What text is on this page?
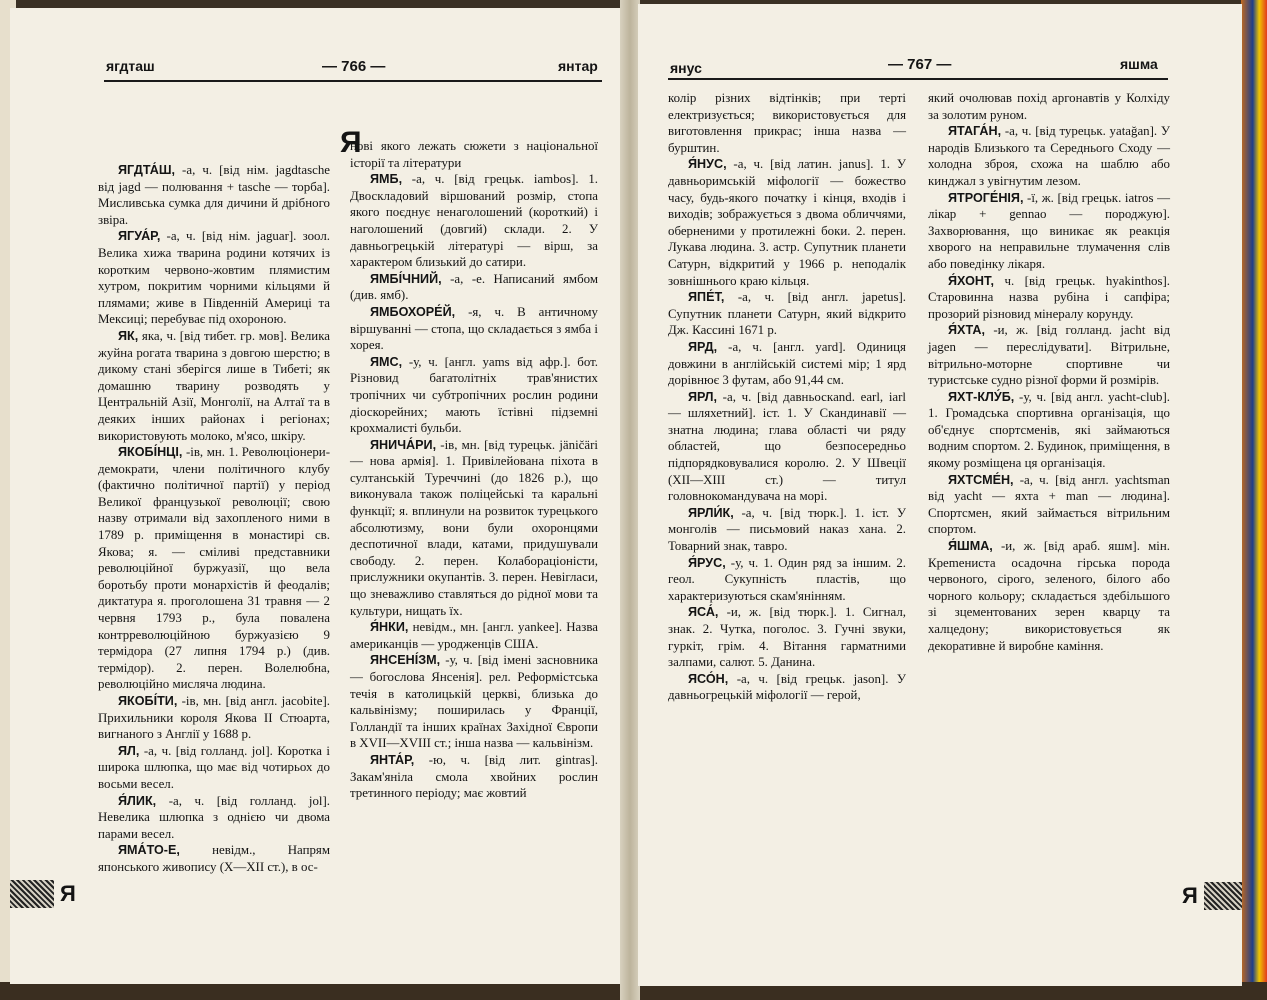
ягдташ	— 766 —	янтар
Я

ЯГДТА́Ш, -а, ч. [від нім. jagdtasche від jagd — полювання + tasche — торба]. Мисливська сумка для дичини й дрібного звіра.

ЯГУА́Р, -а, ч. [від нім. jaguar]. зоол. Велика хижа тварина родини котячих із коротким червоно-жовтим плямистим хутром, покритим чорними кільцями й плямами; живе в Південній Америці та Мексиці; перебуває під охороною.

ЯК, яка, ч. [від тибет. гр. мов]. Велика жуйна рогата тварина з довгою шерстю; в дикому стані зберігся лише в Тибеті; як домашню тварину розводять у Центральній Азії, Монголії, на Алтаї та в деяких інших районах і регіонах; використовують молоко, м'ясо, шкіру.

ЯКОБІ́НЦІ, -ів, мн. 1. Революціонери-демократи, члени політичного клубу (фактично політичної партії) у період Великої французької революції; свою назву отримали від захопленого ними в 1789 р. приміщення в монастирі св. Якова; я. — сміливі представники революційної буржуазії, що вела боротьбу проти монархістів й феодалів; диктатура я. проголошена 31 травня — 2 червня 1793 р., була повалена контрреволюційною буржуазією 9 термідора (27 липня 1794 р.) (див. термідор). 2. перен. Волелюбна, революційно мисляча людина.

ЯКОБІ́ТИ, -ів, мн. [від англ. jacobite]. Прихильники короля Якова II Стюарта, вигнаного з Англії у 1688 р.

ЯЛ, -а, ч. [від голланд. jol]. Коротка і широка шлюпка, що має від чотирьох до восьми весел.

Я́ЛИК, -а, ч. [від голланд. jol]. Невелика шлюпка з однією чи двома парами весел.

ЯМА́ТО-Е, невідм., Напрям японського живопису (X—XII ст.), в ос-

нові якого лежать сюжети з національної історії та літератури

ЯМБ, -а, ч. [від грецьк. iambos]. 1. Двоскладовий віршований розмір, стопа якого поєднує ненаголошений (короткий) і наголошений (довгий) склади. 2. У давньогрецькій літературі — вірш, за характером близький до сатири.

ЯМБІ́ЧНИЙ, -а, -е. Написаний ямбом (див. ямб).

ЯМБОХОРЕ́Й, -я, ч. В античному віршуванні — стопа, що складається з ямба і хорея.

ЯМС, -у, ч. [англ. yams від афр.]. бот. Різновид багатолітніх трав'янистих тропічних чи субтропічних рослин родини діоскорейних; мають їстівні підземні крохмалисті бульби.

ЯНИЧА́РИ, -ів, мн. [від турецьк. jäničäri — нова армія]. 1. Привілейована піхота в султанській Туреччині (до 1826 р.), що виконувала також поліцейські та каральні функції; я. вплинули на розвиток турецького абсолютизму, вони були охоронцями деспотичної влади, катами, придушували свободу. 2. перен. Колабораціоністи, прислужники окупантів. 3. перен. Невігласи, що зневажливо ставляться до рідної мови та культури, нищать їх.

Я́НКИ, невідм., мн. [англ. yankee]. Назва американців — уродженців США.

ЯНСЕНІ́ЗМ, -у, ч. [від імені засновника — богослова Янсенія]. рел. Реформістська течія в католицькій церкві, близька до кальвінізму; поширилась у Франції, Голландії та інших країнах Західної Європи в XVII—XVIII ст.; інша назва — кальвінізм.

ЯНТА́Р, -ю, ч. [від лит. gintras]. Закам'яніла смола хвойних рослин третинного періоду; має жовтий

Я
янус	— 767 —	яшма

колір різних відтінків; при терті електризується; використовується для виготовлення прикрас; інша назва — бурштин.

Я́НУС, -а, ч. [від латин. janus]. 1. У давньоримській міфології — божество часу, будь-якого початку і кінця, входів і виходів; зображується з двома обличчями, оберненими у протилежні боки. 2. перен. Лукава людина. 3. астр. Супутник планети Сатурн, відкритий у 1966 р. неподалік зовнішнього краю кільця.

ЯПЕ́Т, -а, ч. [від англ. japetus]. Супутник планети Сатурн, який відкрито Дж. Кассині 1671 р.

ЯРД, -а, ч. [англ. yard]. Одиниця довжини в англійській системі мір; 1 ярд дорівнює 3 футам, або 91,44 см.

ЯРЛ, -а, ч. [від давньоскand. earl, iarl — шляхетний]. іст. 1. У Скандинавії — знатна людина; глава області чи ряду областей, що безпосередньо підпорядковувалися королю. 2. У Швеції (XII—XIII ст.) — титул головнокомандувача на морі.

ЯРЛИ́К, -а, ч. [від тюрк.]. 1. іст. У монголів — письмовий наказ хана. 2. Товарний знак, тавро.

Я́РУС, -у, ч. 1. Один ряд за іншим. 2. геол. Сукупність пластів, що характеризуються скам'янінням.

ЯСА́, -и, ж. [від тюрк.]. 1. Сигнал, знак. 2. Чутка, поголос. 3. Гучні звуки, гуркіт, грім. 4. Вітання гарматними залпами, салют. 5. Данина.

ЯСО́Н, -а, ч. [від грецьк. jason]. У давньогрецькій міфології — герой,

який очолював похід аргонавтів у Колхіду за золотим руном.

ЯТАГА́Н, -а, ч. [від турецьк. yatağan]. У народів Близького та Середнього Сходу — холодна зброя, схожа на шаблю або кинджал з увігнутим лезом.

ЯТРОГЕ́НІЯ, -ї, ж. [від грецьк. iatros — лікар + gennao — породжую]. Захворювання, що виникає як реакція хворого на неправильне тлумачення слів або поведінку лікаря.

Я́ХОНТ, ч. [від грецьк. hyakinthos]. Старовинна назва рубіна і сапфіра; прозорий різновид мінералу корунду.

Я́ХТА, -и, ж. [від голланд. jacht від jagen — переслідувати]. Вітрильне, вітрильно-моторне спортивне чи туристське судно різної форми й розмірів.

ЯХТ-КЛУ́Б, -у, ч. [від англ. yacht-club]. 1. Громадська спортивна організація, що об'єднує спортсменів, які займаються водним спортом. 2. Будинок, приміщення, в якому розміщена ця організація.

ЯХТСМЕ́Н, -а, ч. [від англ. yachtsman від yacht — яхта + man — людина]. Спортсмен, який займається вітрильним спортом.

Я́ШМА, -и, ж. [від араб. яшм]. мін. Крemениста осадочна гірська порода червоного, сірого, зеленого, білого або чорного кольору; складається здебільшого зі зцементованих зерен кварцу та халцедону; використовується як декоративне й виробне каміння.

Я
